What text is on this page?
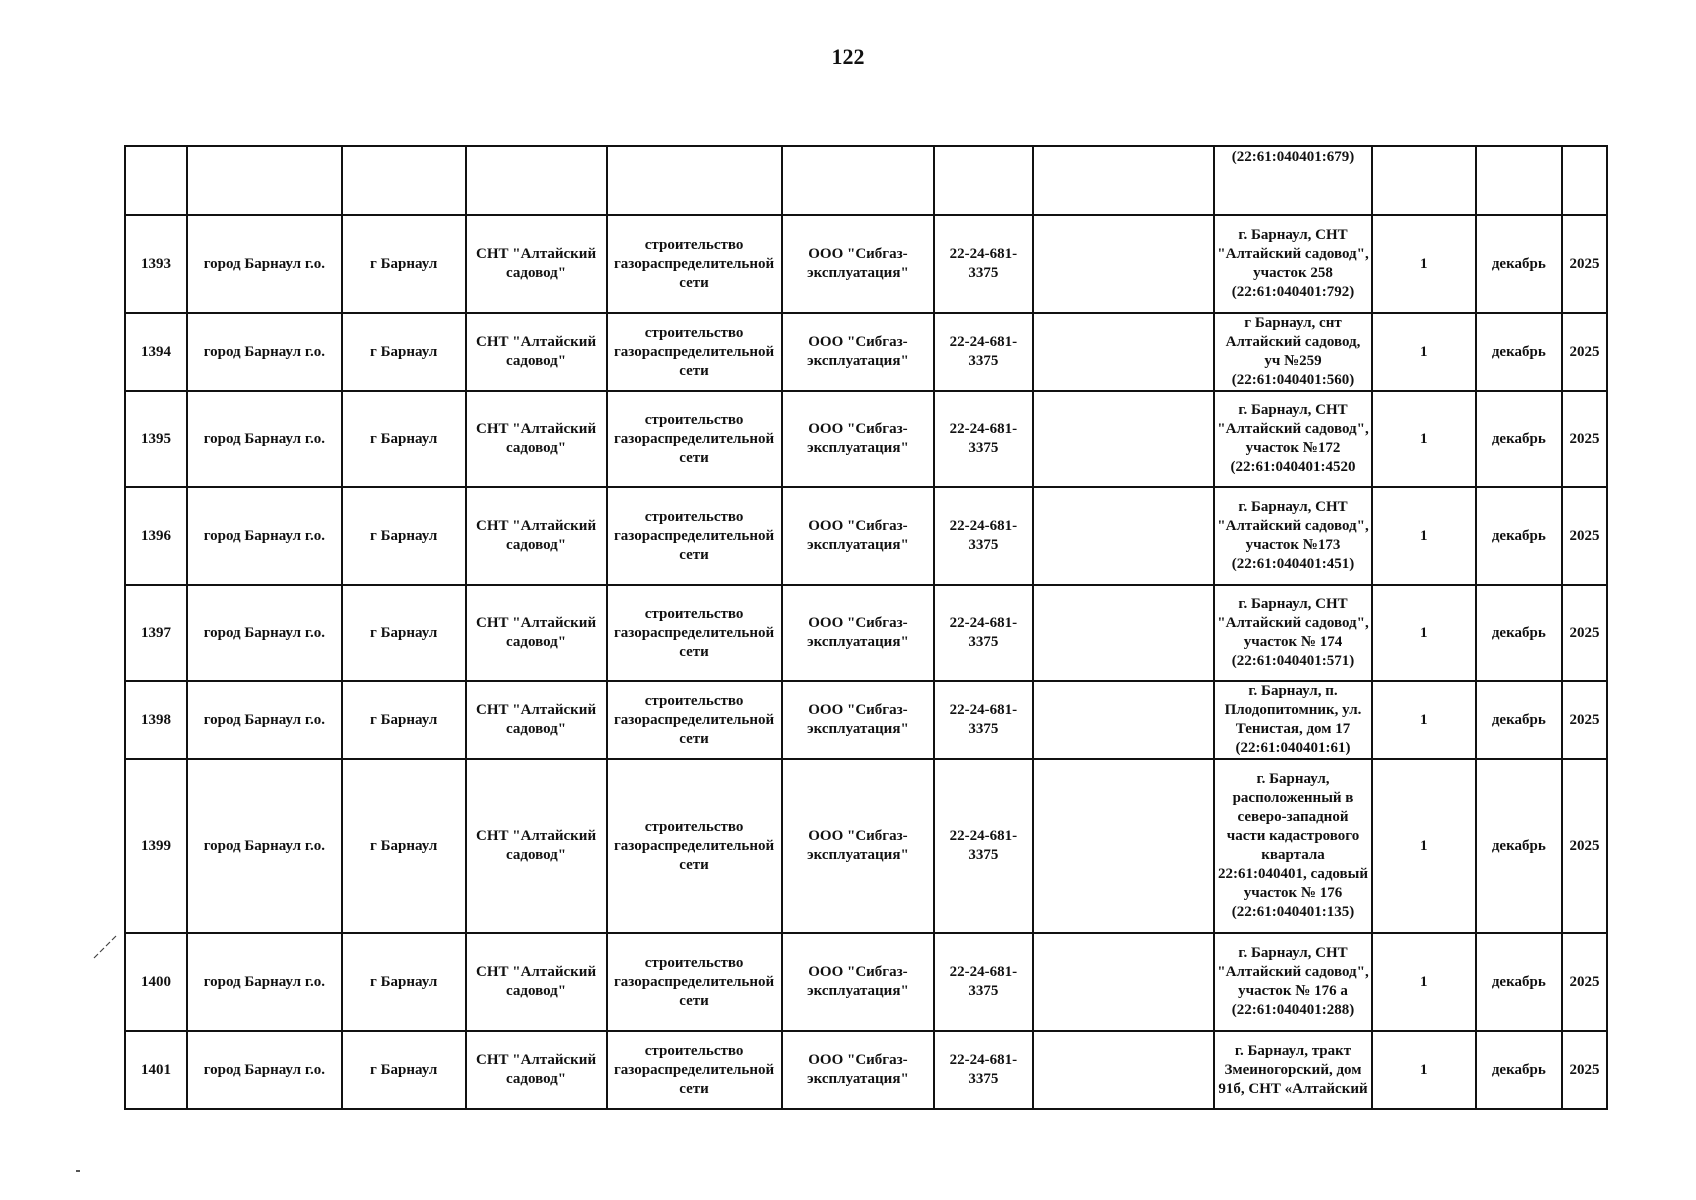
122
								(22:61:040401:679)			
1393	город Барнаул г.о.	г Барнаул	СНТ "Алтайский садовод"	строительство газораспределительной сети	ООО "Сибгаз-эксплуатация"	22-24-681-3375		г. Барнаул, СНТ "Алтайский садовод", участок 258 (22:61:040401:792)	1	декабрь	2025
1394	город Барнаул г.о.	г Барнаул	СНТ "Алтайский садовод"	строительство газораспределительной сети	ООО "Сибгаз-эксплуатация"	22-24-681-3375		г Барнаул, снт Алтайский садовод, уч №259 (22:61:040401:560)	1	декабрь	2025
1395	город Барнаул г.о.	г Барнаул	СНТ "Алтайский садовод"	строительство газораспределительной сети	ООО "Сибгаз-эксплуатация"	22-24-681-3375		г. Барнаул, СНТ "Алтайский садовод", участок №172 (22:61:040401:4520	1	декабрь	2025
1396	город Барнаул г.о.	г Барнаул	СНТ "Алтайский садовод"	строительство газораспределительной сети	ООО "Сибгаз-эксплуатация"	22-24-681-3375		г. Барнаул, СНТ "Алтайский садовод", участок №173 (22:61:040401:451)	1	декабрь	2025
1397	город Барнаул г.о.	г Барнаул	СНТ "Алтайский садовод"	строительство газораспределительной сети	ООО "Сибгаз-эксплуатация"	22-24-681-3375		г. Барнаул, СНТ "Алтайский садовод", участок № 174 (22:61:040401:571)	1	декабрь	2025
1398	город Барнаул г.о.	г Барнаул	СНТ "Алтайский садовод"	строительство газораспределительной сети	ООО "Сибгаз-эксплуатация"	22-24-681-3375		г. Барнаул, п. Плодопитомник, ул. Тенистая, дом 17 (22:61:040401:61)	1	декабрь	2025
1399	город Барнаул г.о.	г Барнаул	СНТ "Алтайский садовод"	строительство газораспределительной сети	ООО "Сибгаз-эксплуатация"	22-24-681-3375		г. Барнаул, расположенный в северо-западной части кадастрового квартала 22:61:040401, садовый участок № 176 (22:61:040401:135)	1	декабрь	2025
1400	город Барнаул г.о.	г Барнаул	СНТ "Алтайский садовод"	строительство газораспределительной сети	ООО "Сибгаз-эксплуатация"	22-24-681-3375		г. Барнаул, СНТ "Алтайский садовод", участок № 176 а (22:61:040401:288)	1	декабрь	2025
1401	город Барнаул г.о.	г Барнаул	СНТ "Алтайский садовод"	строительство газораспределительной сети	ООО "Сибгаз-эксплуатация"	22-24-681-3375		г. Барнаул, тракт Змеиногорский, дом 91б, СНТ «Алтайский	1	декабрь	2025
